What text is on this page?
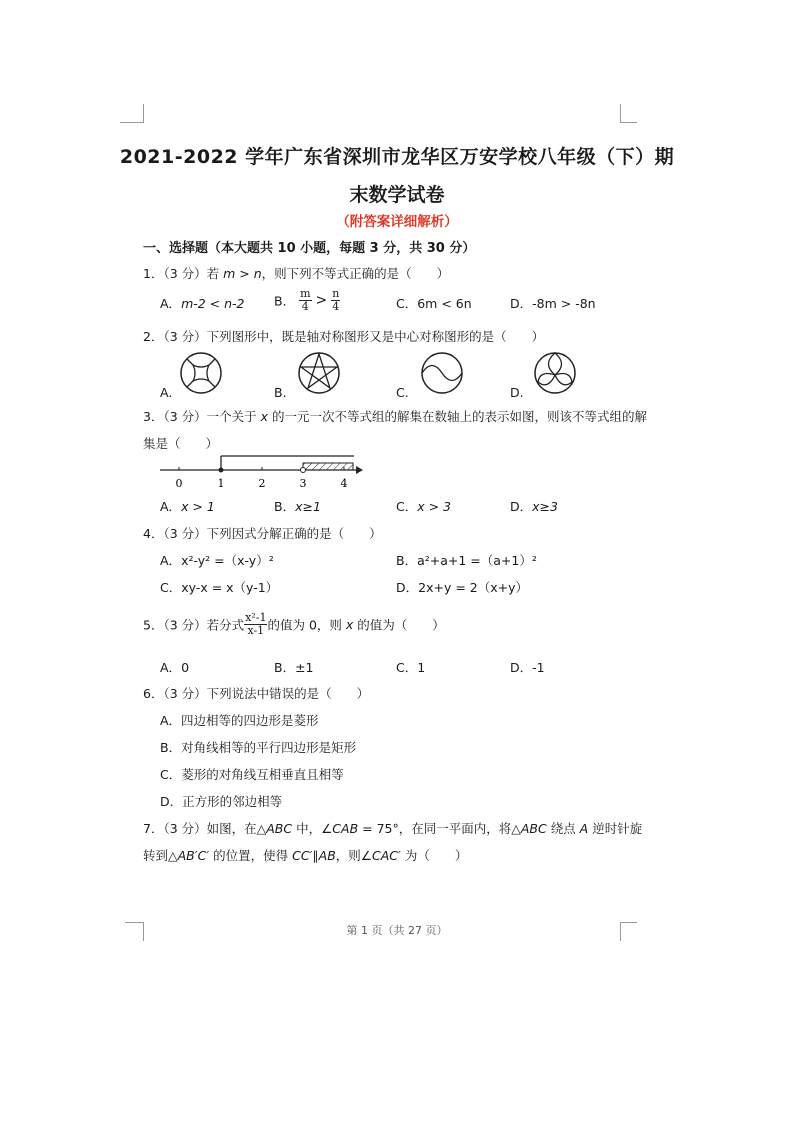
2021-2022 学年广东省深圳市龙华区万安学校八年级（下）期
末数学试卷
（附答案详细解析）
一、选择题（本大题共 10 小题，每题 3 分，共 30 分）
1．（3 分）若 m > n，则下列不等式正确的是（　　）
A．m-2 < n-2 B． $\frac{m}{4} > \frac{n}{4}$	C．6m < 6n	D．-8m > -8n
2．（3 分）下列图形中，既是轴对称图形又是中心对称图形的是（　　）
A.	B.	C.	D.
3．（3 分）一个关于 x 的一元一次不等式组的解集在数轴上的表示如图，则该不等式组的解
集是（　　）
0	1	2	3	4
A．x > 1	B．x≥1	C．x > 3	D．x≥3
4．（3 分）下列因式分解正确的是（　　）
A．x²-y² =（x-y）²	B．a²+a+1 =（a+1）²
C．xy-x = x（y-1）	D．2x+y = 2（x+y）
5．（3 分）若分式 $\frac{\text{x²-1}}{x-1}$ 的值为 0，则 x 的值为（　　）
A．0	B．±1	C．1	D．-1
6．（3 分）下列说法中错误的是（　　）
A．四边相等的四边形是菱形
B．对角线相等的平行四边形是矩形
C．菱形的对角线互相垂直且相等
D．正方形的邻边相等
7．（3 分）如图，在△ABC 中，∠CAB = 75°，在同一平面内，将△ABC 绕点 A 逆时针旋
转到△AB′C′ 的位置，使得 CC′∥AB，则∠CAC′ 为（　　）
第 1 页（共 27 页）
